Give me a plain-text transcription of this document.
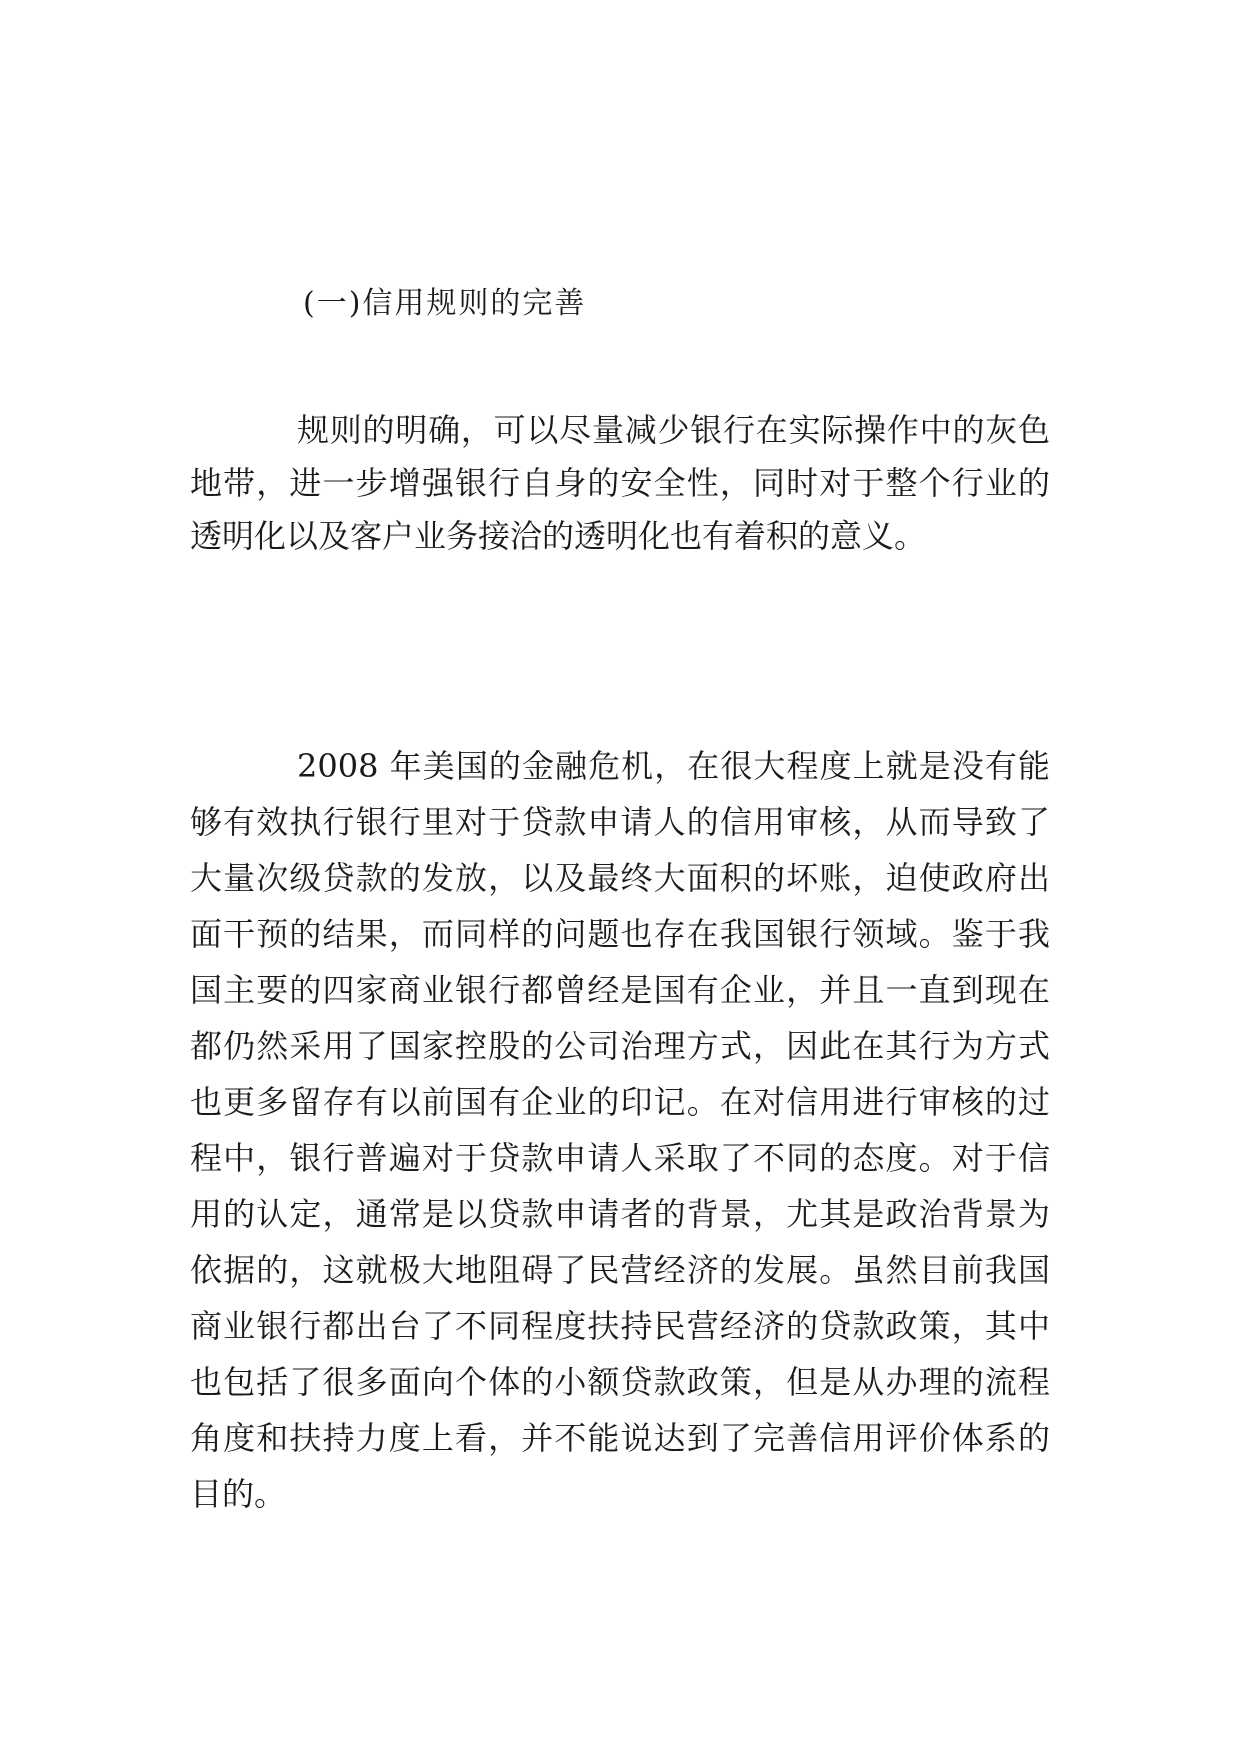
(一)信用规则的完善
规则的明确，可以尽量减少银行在实际操作中的灰色
地带，进一步增强银行自身的安全性，同时对于整个行业的
透明化以及客户业务接洽的透明化也有着积的意义。
2008 年美国的金融危机，在很大程度上就是没有能
够有效执行银行里对于贷款申请人的信用审核，从而导致了
大量次级贷款的发放，以及最终大面积的坏账，迫使政府出
面干预的结果，而同样的问题也存在我国银行领域。鉴于我
国主要的四家商业银行都曾经是国有企业，并且一直到现在
都仍然采用了国家控股的公司治理方式，因此在其行为方式
也更多留存有以前国有企业的印记。在对信用进行审核的过
程中，银行普遍对于贷款申请人采取了不同的态度。对于信
用的认定，通常是以贷款申请者的背景，尤其是政治背景为
依据的，这就极大地阻碍了民营经济的发展。虽然目前我国
商业银行都出台了不同程度扶持民营经济的贷款政策，其中
也包括了很多面向个体的小额贷款政策，但是从办理的流程
角度和扶持力度上看，并不能说达到了完善信用评价体系的
目的。
